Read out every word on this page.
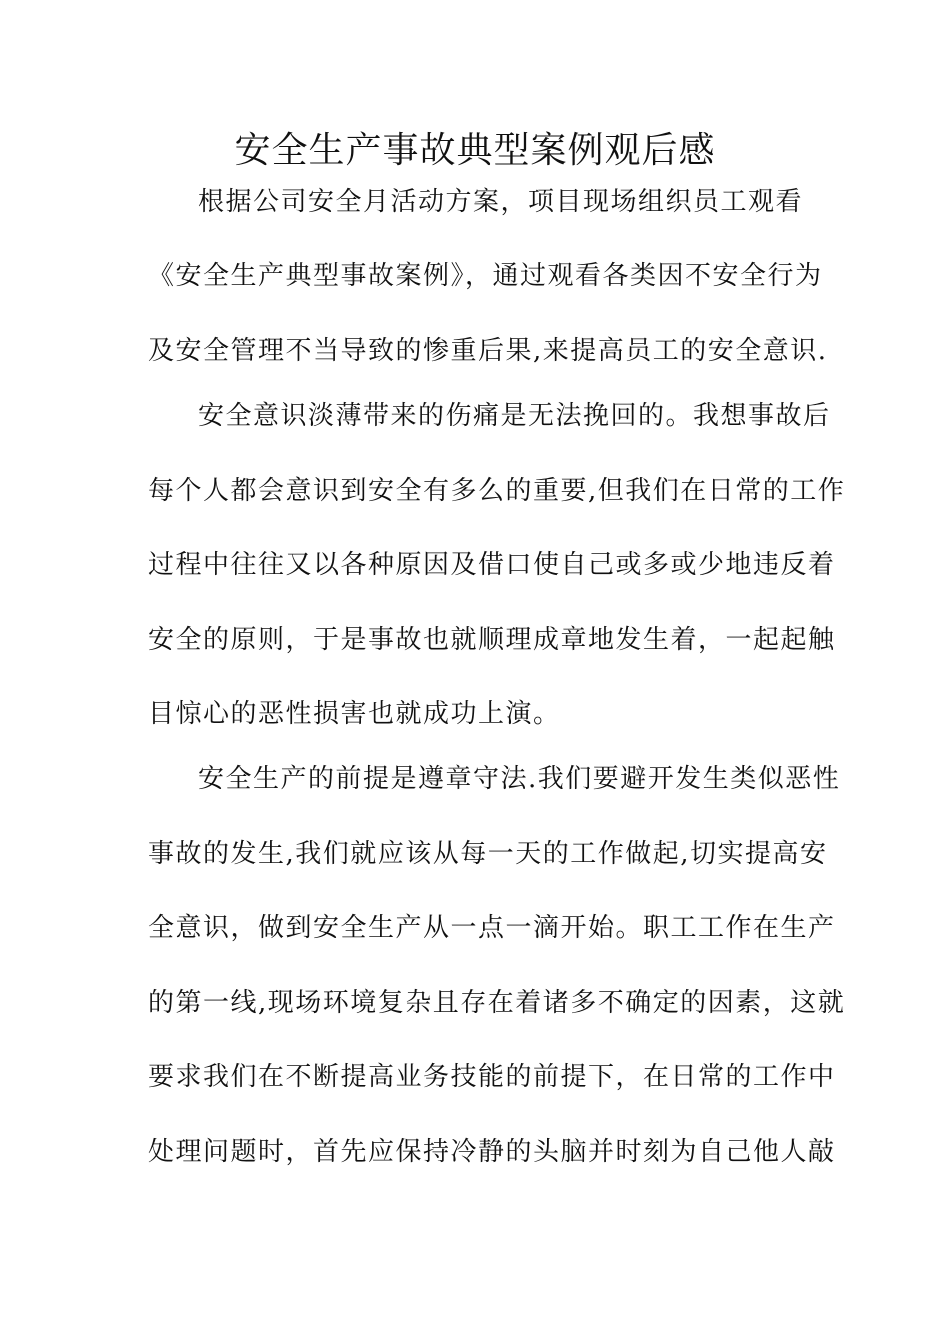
安全生产事故典型案例观后感
根据公司安全月活动方案，项目现场组织员工观看
《安全生产典型事故案例》，通过观看各类因不安全行为
及安全管理不当导致的惨重后果,来提高员工的安全意识.
安全意识淡薄带来的伤痛是无法挽回的。我想事故后
每个人都会意识到安全有多么的重要,但我们在日常的工作
过程中往往又以各种原因及借口使自己或多或少地违反着
安全的原则，于是事故也就顺理成章地发生着，一起起触
目惊心的恶性损害也就成功上演。
安全生产的前提是遵章守法.我们要避开发生类似恶性
事故的发生,我们就应该从每一天的工作做起,切实提高安
全意识，做到安全生产从一点一滴开始。职工工作在生产
的第一线,现场环境复杂且存在着诸多不确定的因素，这就
要求我们在不断提高业务技能的前提下，在日常的工作中
处理问题时，首先应保持冷静的头脑并时刻为自己他人敲
